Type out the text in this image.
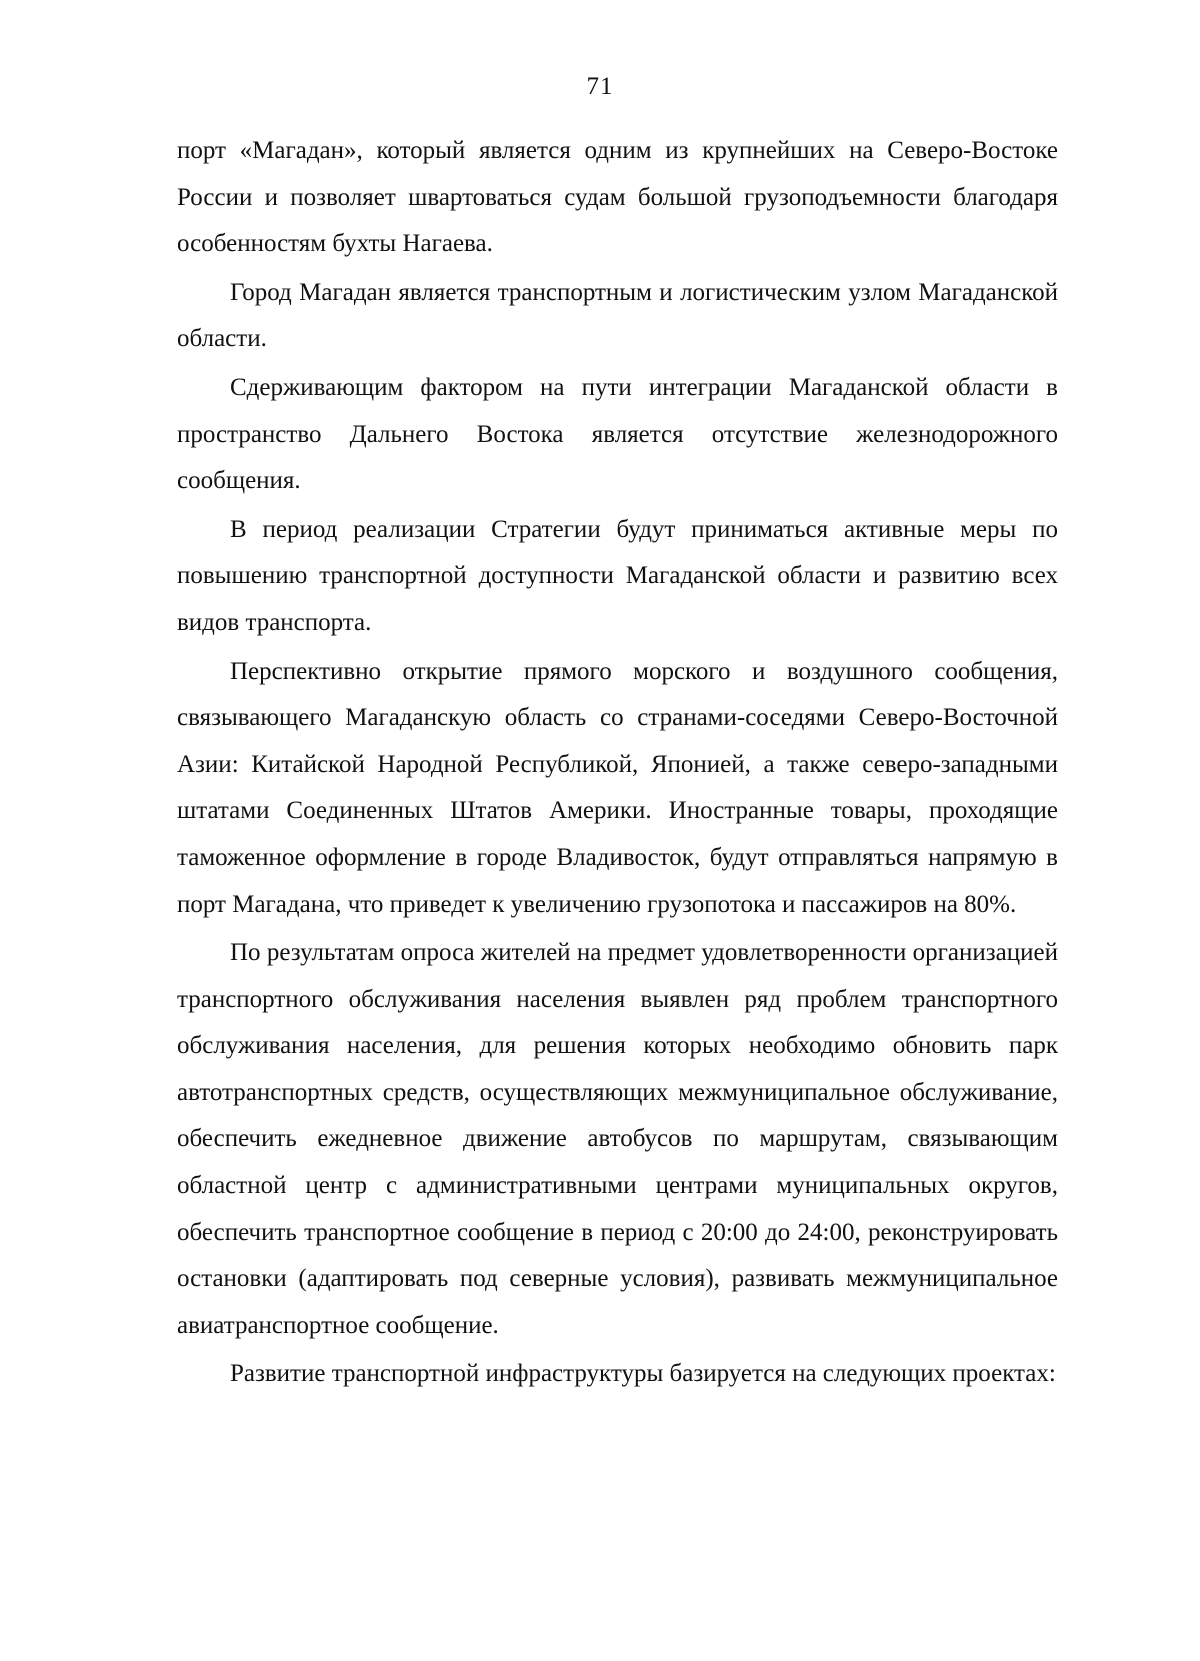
71

порт «Магадан», который является одним из крупнейших на Северо-Востоке России и позволяет швартоваться судам большой грузоподъемности благодаря особенностям бухты Нагаева.

Город Магадан является транспортным и логистическим узлом Магаданской области.

Сдерживающим фактором на пути интеграции Магаданской области в пространство Дальнего Востока является отсутствие железнодорожного сообщения.

В период реализации Стратегии будут приниматься активные меры по повышению транспортной доступности Магаданской области и развитию всех видов транспорта.

Перспективно открытие прямого морского и воздушного сообщения, связывающего Магаданскую область со странами-соседями Северо-Восточной Азии: Китайской Народной Республикой, Японией, а также северо-западными штатами Соединенных Штатов Америки. Иностранные товары, проходящие таможенное оформление в городе Владивосток, будут отправляться напрямую в порт Магадана, что приведет к увеличению грузопотока и пассажиров на 80%.

По результатам опроса жителей на предмет удовлетворенности организацией транспортного обслуживания населения выявлен ряд проблем транспортного обслуживания населения, для решения которых необходимо обновить парк автотранспортных средств, осуществляющих межмуниципальное обслуживание, обеспечить ежедневное движение автобусов по маршрутам, связывающим областной центр с административными центрами муниципальных округов, обеспечить транспортное сообщение в период с 20:00 до 24:00, реконструировать остановки (адаптировать под северные условия), развивать межмуниципальное авиатранспортное сообщение.

Развитие транспортной инфраструктуры базируется на следующих проектах:
